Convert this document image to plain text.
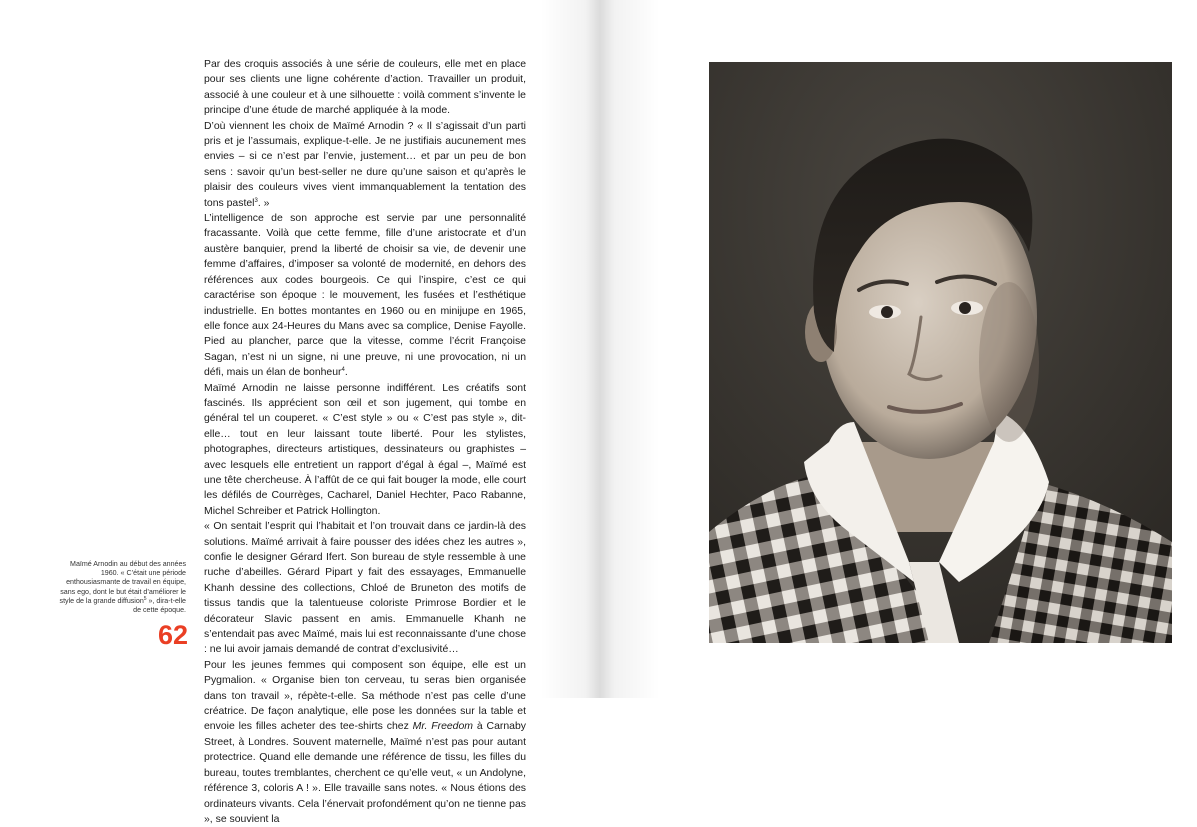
Par des croquis associés à une série de couleurs, elle met en place pour ses clients une ligne cohérente d’action. Travailler un produit, associé à une couleur et à une silhouette : voilà comment s’invente le principe d’une étude de marché appliquée à la mode.

D’où viennent les choix de Maïmé Arnodin ? « Il s’agissait d’un parti pris et je l’assumais, explique-t-elle. Je ne justifiais aucunement mes envies – si ce n’est par l’envie, justement… et par un peu de bon sens : savoir qu’un best-seller ne dure qu’une saison et qu’après le plaisir des couleurs vives vient immanquablement la tentation des tons pastel$^3$. »

L’intelligence de son approche est servie par une personnalité fracassante. Voilà que cette femme, fille d’une aristocrate et d’un austère banquier, prend la liberté de choisir sa vie, de devenir une femme d’affaires, d’imposer sa volonté de modernité, en dehors des références aux codes bourgeois. Ce qui l’inspire, c’est ce qui caractérise son époque : le mouvement, les fusées et l’esthétique industrielle. En bottes montantes en 1960 ou en minijupe en 1965, elle fonce aux 24-Heures du Mans avec sa complice, Denise Fayolle. Pied au plancher, parce que la vitesse, comme l’écrit Françoise Sagan, n’est ni un signe, ni une preuve, ni une provocation, ni un défi, mais un élan de bonheur$^4$.

Maïmé Arnodin ne laisse personne indifférent. Les créatifs sont fascinés. Ils apprécient son œil et son jugement, qui tombe en général tel un couperet. « C’est style » ou « C’est pas style », dit-elle… tout en leur laissant toute liberté. Pour les stylistes, photographes, directeurs artistiques, dessinateurs ou graphistes – avec lesquels elle entretient un rapport d’égal à égal –, Maïmé est une tête chercheuse. À l’affût de ce qui fait bouger la mode, elle court les défilés de Courrèges, Cacharel, Daniel Hechter, Paco Rabanne, Michel Schreiber et Patrick Hollington.

« On sentait l’esprit qui l’habitait et l’on trouvait dans ce jardin-là des solutions. Maïmé arrivait à faire pousser des idées chez les autres », confie le designer Gérard Ifert. Son bureau de style ressemble à une ruche d’abeilles. Gérard Pipart y fait des essayages, Emmanuelle Khanh dessine des collections, Chloé de Bruneton des motifs de tissus tandis que la talentueuse coloriste Primrose Bordier et le décorateur Slavic passent en amis. Emmanuelle Khanh ne s’entendait pas avec Maïmé, mais lui est reconnaissante d’une chose : ne lui avoir jamais demandé de contrat d’exclusivité…

Pour les jeunes femmes qui composent son équipe, elle est un Pygmalion. « Organise bien ton cerveau, tu seras bien organisée dans ton travail », répète-t-elle. Sa méthode n’est pas celle d’une créatrice. De façon analytique, elle pose les données sur la table et envoie les filles acheter des tee-shirts chez Mr. Freedom à Carnaby Street, à Londres. Souvent maternelle, Maïmé n’est pas pour autant protectrice. Quand elle demande une référence de tissu, les filles du bureau, toutes tremblantes, cherchent ce qu’elle veut, « un Andolyne, référence 3, coloris A ! ». Elle travaille sans notes. « Nous étions des ordinateurs vivants. Cela l’énervait profondément qu’on ne tienne pas », se souvient la

Maïmé Arnodin au début des années 1960. « C’était une période enthousiasmante de travail en équipe, sans ego, dont le but était d’améliorer le style de la grande diffusion$^5$ », dira-t-elle de cette époque.
62
